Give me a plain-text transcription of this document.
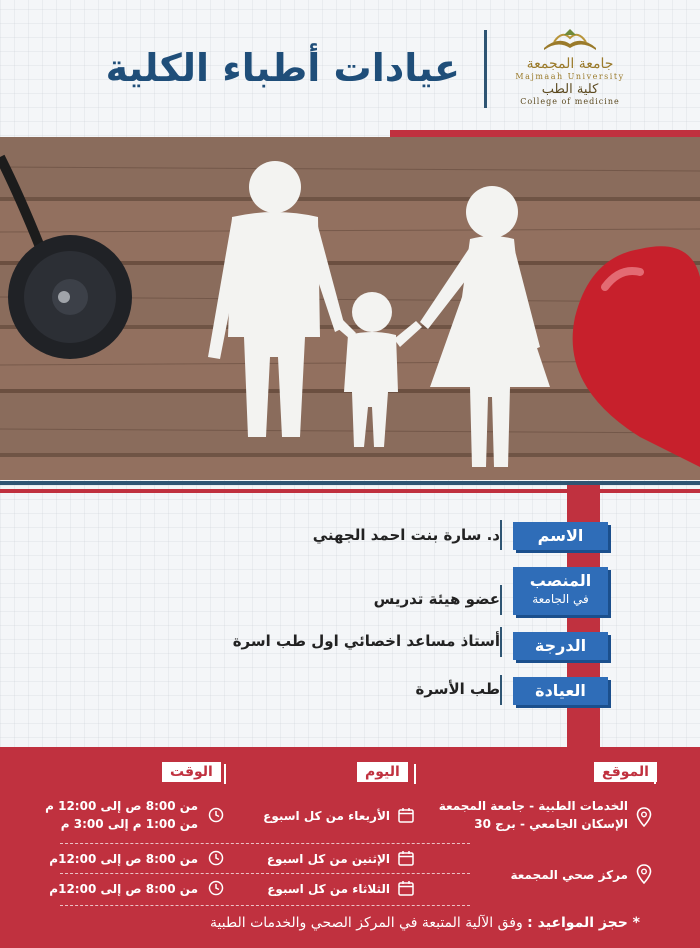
عيادات أطباء الكلية	جامعة المجمعة
Majmaah University
كلية الطب
College of medicine
الاسم
د. سارة بنت احمد الجهني
المنصب
في الجامعة
عضو هيئة تدريس
الدرجة
أستاذ مساعد اخصائي اول طب اسرة
العيادة
طب الأسرة
الموقع
اليوم
الوقت
الخدمات الطبية - جامعة المجمعة
الإسكان الجامعي - برج 30
الأربعاء من كل اسبوع
من 8:00 ص إلى 12:00 م
من 1:00 م إلى 3:00 م
مركز صحي المجمعة
الإثنين من كل اسبوع
من 8:00 ص إلى 12:00م
الثلاثاء من كل اسبوع
من 8:00 ص إلى 12:00م
* حجز المواعيد : وفق الآلية المتبعة في المركز الصحي والخدمات الطبية
